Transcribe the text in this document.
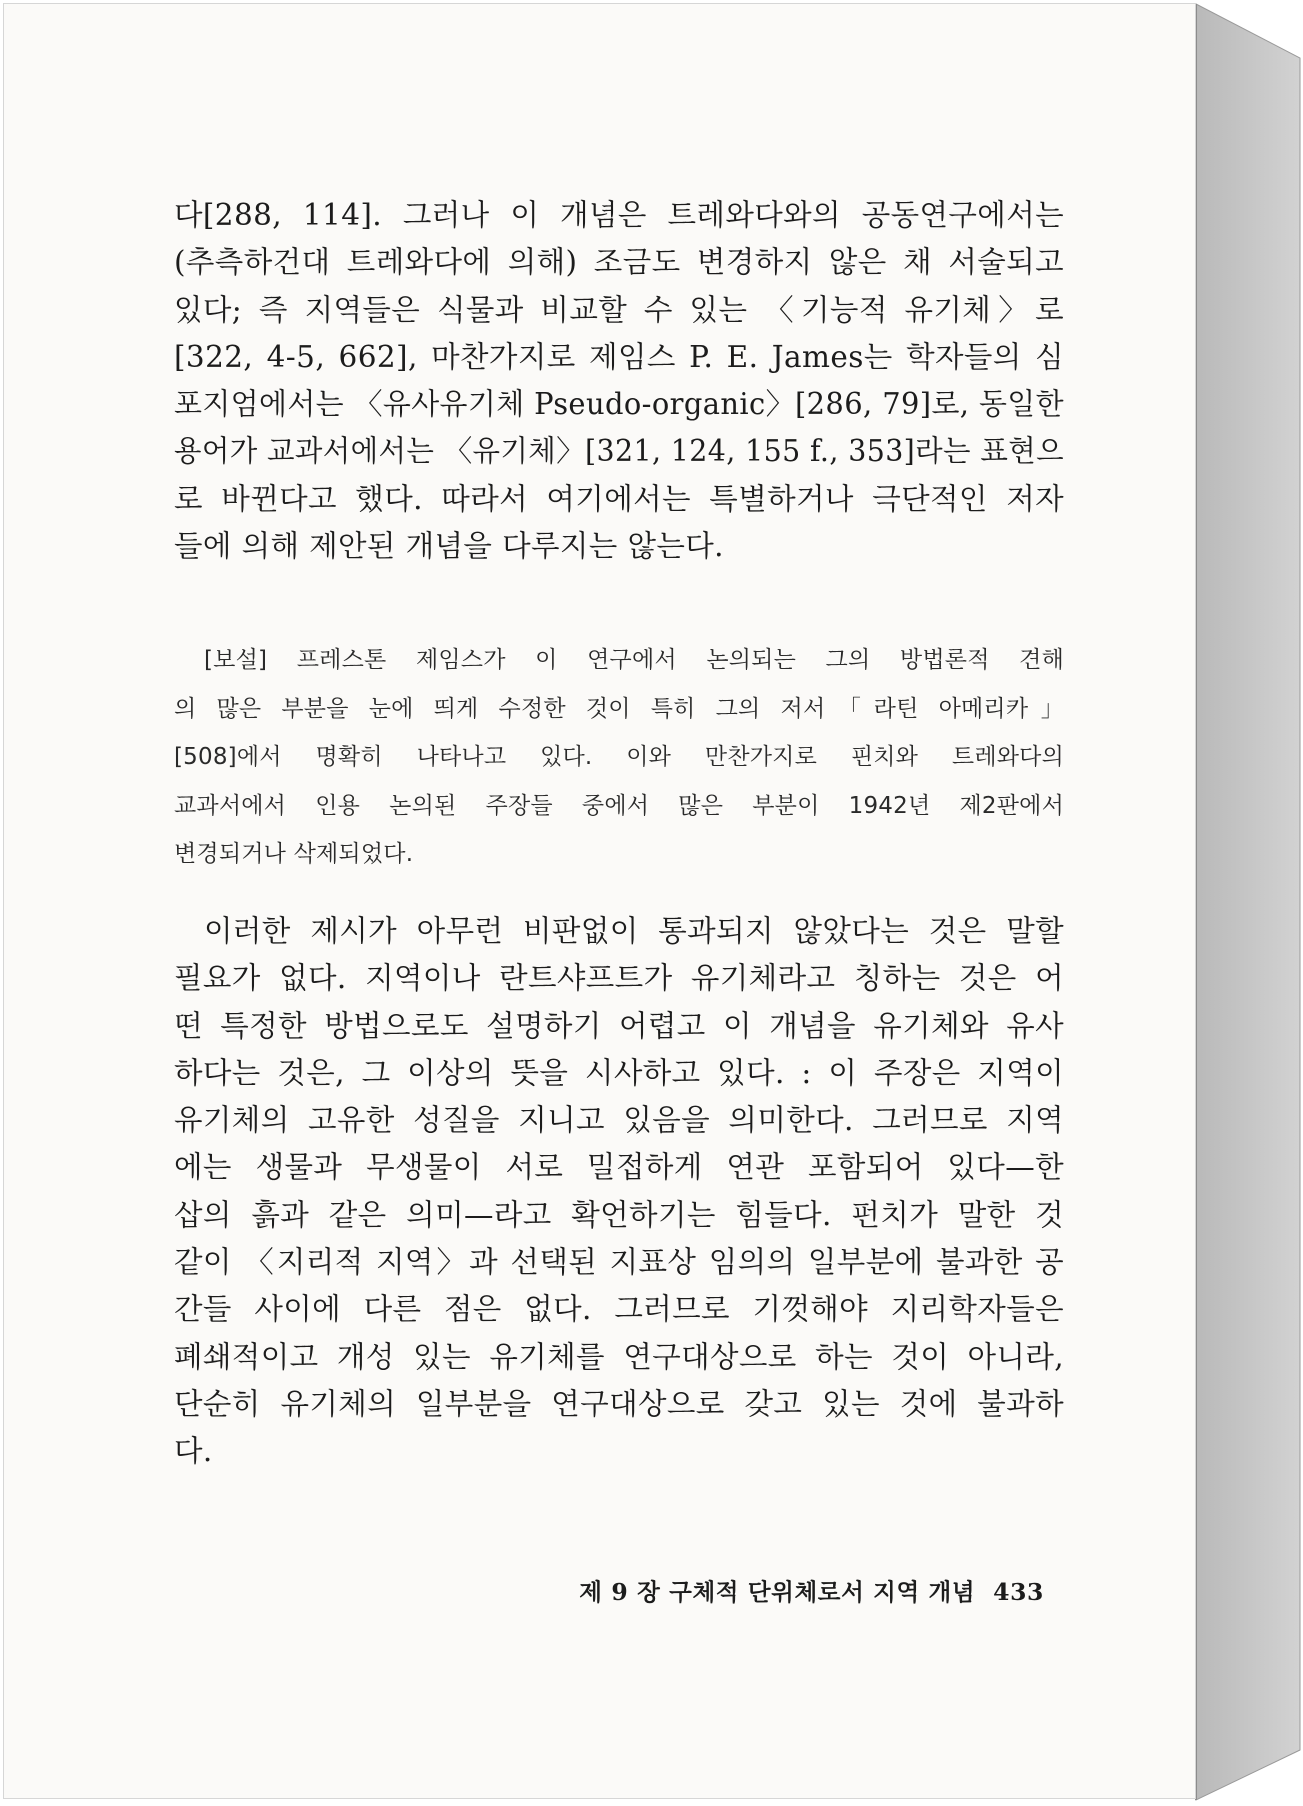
다[288, 114]. 그러나 이 개념은 트레와다와의 공동연구에서는
(추측하건대 트레와다에 의해) 조금도 변경하지 않은 채 서술되고
있다; 즉 지역들은 식물과 비교할 수 있는 〈기능적 유기체〉로
[322, 4-5, 662], 마찬가지로 제임스 P. E. James는 학자들의 심
포지엄에서는 〈유사유기체 Pseudo-organic〉[286, 79]로, 동일한
용어가 교과서에서는 〈유기체〉[321, 124, 155 f., 353]라는 표현으
로 바뀐다고 했다. 따라서 여기에서는 특별하거나 극단적인 저자
들에 의해 제안된 개념을 다루지는 않는다.

[보설] 프레스톤 제임스가 이 연구에서 논의되는 그의 방법론적 견해
의 많은 부분을 눈에 띄게 수정한 것이 특히 그의 저서「라틴 아메리카」
[508]에서 명확히 나타나고 있다. 이와 만찬가지로 핀치와 트레와다의
교과서에서 인용 논의된 주장들 중에서 많은 부분이 1942년 제2판에서
변경되거나 삭제되었다.

이러한 제시가 아무런 비판없이 통과되지 않았다는 것은 말할
필요가 없다. 지역이나 란트샤프트가 유기체라고 칭하는 것은 어
떤 특정한 방법으로도 설명하기 어렵고 이 개념을 유기체와 유사
하다는 것은, 그 이상의 뜻을 시사하고 있다. : 이 주장은 지역이
유기체의 고유한 성질을 지니고 있음을 의미한다. 그러므로 지역
에는 생물과 무생물이 서로 밀접하게 연관 포함되어 있다—한
삽의 흙과 같은 의미—라고 확언하기는 힘들다. 펀치가 말한 것
같이 〈지리적 지역〉과 선택된 지표상 임의의 일부분에 불과한 공
간들 사이에 다른 점은 없다. 그러므로 기껏해야 지리학자들은
폐쇄적이고 개성 있는 유기체를 연구대상으로 하는 것이 아니라,
단순히 유기체의 일부분을 연구대상으로 갖고 있는 것에 불과하
다.

제 9 장 구체적 단위체로서 지역 개념 433
